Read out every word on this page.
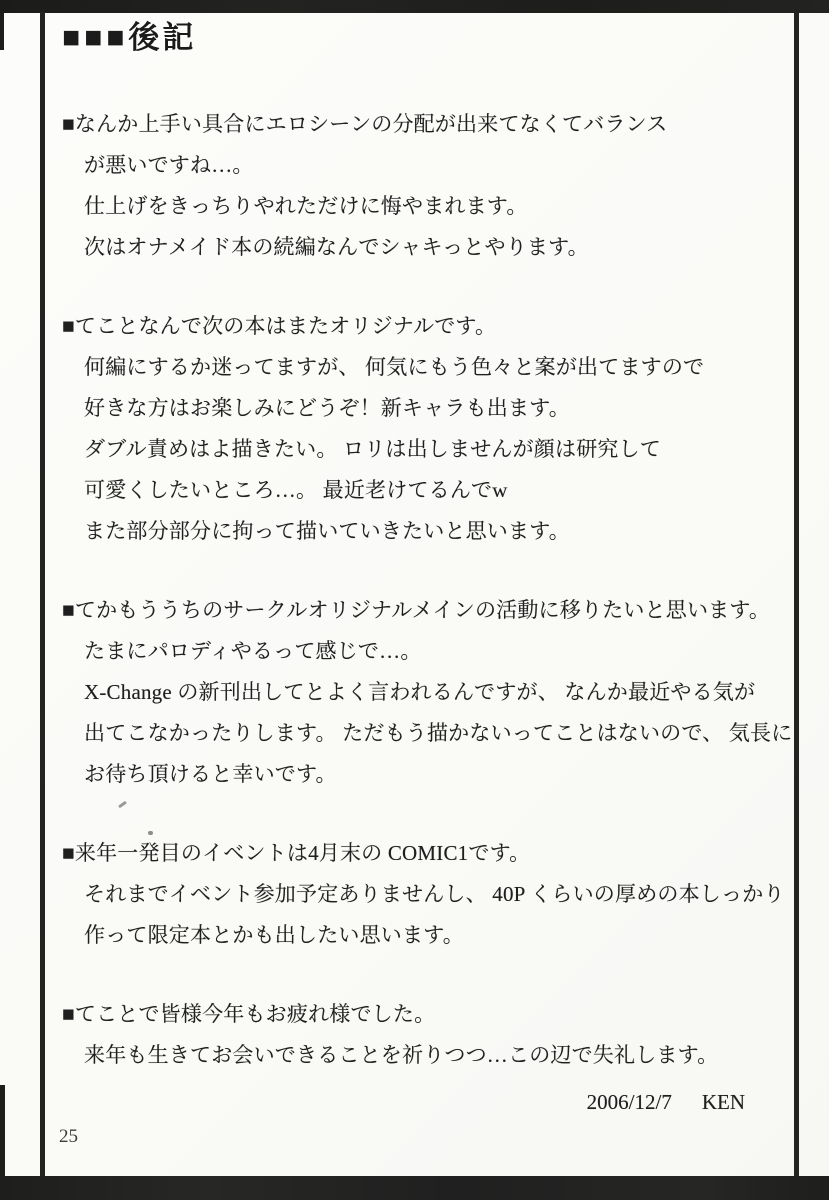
■■■後記
■なんか上手い具合にエロシーンの分配が出来てなくてバランス
が悪いですね…。
仕上げをきっちりやれただけに悔やまれます。
次はオナメイド本の続編なんでシャキっとやります。
■てことなんで次の本はまたオリジナルです。
何編にするか迷ってますが、 何気にもう色々と案が出てますので
好きな方はお楽しみにどうぞ！新キャラも出ます。
ダブル責めはよ描きたい。 ロリは出しませんが顔は研究して
可愛くしたいところ…。 最近老けてるんでw
また部分部分に拘って描いていきたいと思います。
■てかもううちのサークルオリジナルメインの活動に移りたいと思います。
たまにパロディやるって感じで…。
X-Change の新刊出してとよく言われるんですが、 なんか最近やる気が
出てこなかったりします。 ただもう描かないってことはないので、 気長に
お待ち頂けると幸いです。
■来年一発目のイベントは4月末の COMIC1です。
それまでイベント参加予定ありませんし、 40P くらいの厚めの本しっかり
作って限定本とかも出したい思います。
■てことで皆様今年もお疲れ様でした。
来年も生きてお会いできることを祈りつつ…この辺で失礼します。
2006/12/7 KEN
25
